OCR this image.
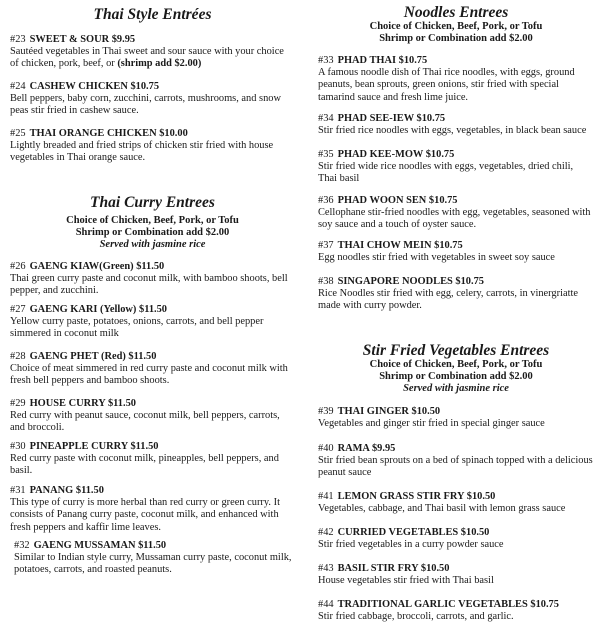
Thai Style Entrées
#23 SWEET & SOUR $9.95
Sautéed vegetables in Thai sweet and sour sauce with your choice of chicken, pork, beef, or (shrimp add $2.00)
#24 CASHEW CHICKEN $10.75
Bell peppers, baby corn, zucchini, carrots, mushrooms, and snow peas stir fried in cashew sauce.
#25 THAI ORANGE CHICKEN $10.00
Lightly breaded and fried strips of chicken stir fried with house vegetables in Thai orange sauce.
Thai Curry Entrees
Choice of Chicken, Beef, Pork, or Tofu
Shrimp or Combination add $2.00
Served with jasmine rice
#26 GAENG KIAW(Green) $11.50
Thai green curry paste and coconut milk, with bamboo shoots, bell pepper, and zucchini.
#27 GAENG KARI (Yellow) $11.50
Yellow curry paste, potatoes, onions, carrots, and bell pepper simmered in coconut milk
#28 GAENG PHET (Red) $11.50
Choice of meat simmered in red curry paste and coconut milk with fresh bell peppers and bamboo shoots.
#29 HOUSE CURRY $11.50
Red curry with peanut sauce, coconut milk, bell peppers, carrots, and broccoli.
#30 PINEAPPLE CURRY $11.50
Red curry paste with coconut milk, pineapples, bell peppers, and basil.
#31 PANANG $11.50
This type of curry is more herbal than red curry or green curry. It consists of Panang curry paste, coconut milk, and enhanced with fresh peppers and kaffir lime leaves.
#32 GAENG MUSSAMAN $11.50
Similar to Indian style curry, Mussaman curry paste, coconut milk, potatoes, carrots, and roasted peanuts.
Noodles Entrees
Choice of Chicken, Beef, Pork, or Tofu
Shrimp or Combination add $2.00
#33 PHAD THAI $10.75
A famous noodle dish of Thai rice noodles, with eggs, ground peanuts, bean sprouts, green onions, stir fried with special tamarind sauce and fresh lime juice.
#34 PHAD SEE-IEW $10.75
Stir fried rice noodles with eggs, vegetables, in black bean sauce
#35 PHAD KEE-MOW $10.75
Stir fried wide rice noodles with eggs, vegetables, dried chili, Thai basil
#36 PHAD WOON SEN $10.75
Cellophane stir-fried noodles with egg, vegetables, seasoned with soy sauce and a touch of oyster sauce.
#37 THAI CHOW MEIN $10.75
Egg noodles stir fried with vegetables in sweet soy sauce
#38 SINGAPORE NOODLES $10.75
Rice Noodles stir fried with egg, celery, carrots, in vinergriatte made with curry powder.
Stir Fried Vegetables Entrees
Choice of Chicken, Beef, Pork, or Tofu
Shrimp or Combination add $2.00
Served with jasmine rice
#39 THAI GINGER $10.50
Vegetables and ginger stir fried in special ginger sauce
#40 RAMA $9.95
Stir fried bean sprouts on a bed of spinach topped with a delicious peanut sauce
#41 LEMON GRASS STIR FRY $10.50
Vegetables, cabbage, and Thai basil with lemon grass sauce
#42 CURRIED VEGETABLES $10.50
Stir fried vegetables in a curry powder sauce
#43 BASIL STIR FRY $10.50
House vegetables stir fried with Thai basil
#44 TRADITIONAL GARLIC VEGETABLES $10.75
Stir fried cabbage, broccoli, carrots, and garlic.
